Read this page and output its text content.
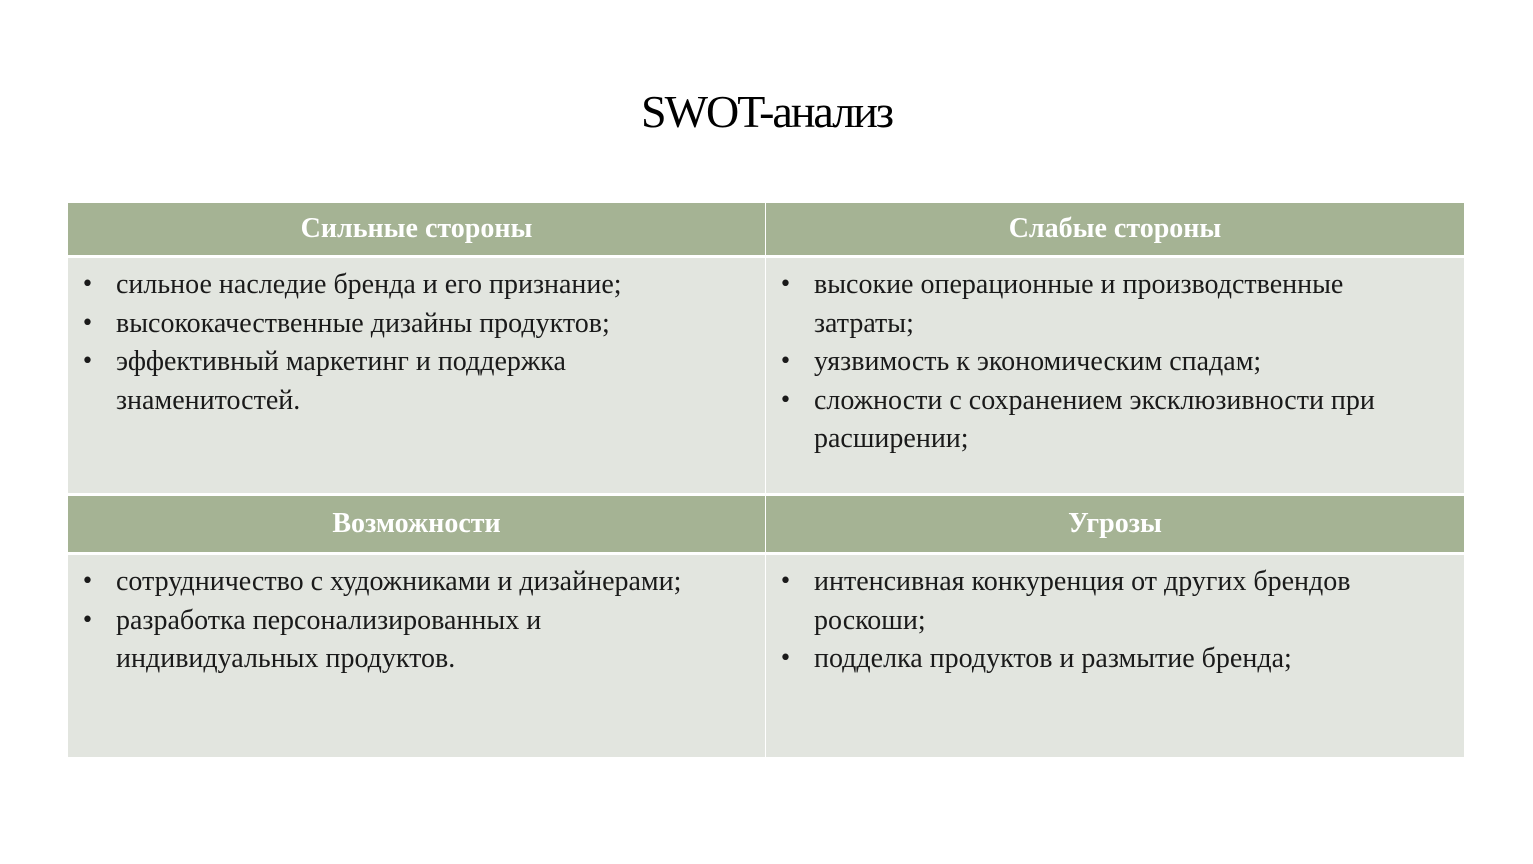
SWOT-анализ
Сильные стороны	Слабые стороны
• сильное наследие бренда и его признание;
• высококачественные дизайны продуктов;
• эффективный маркетинг и поддержка знаменитостей.
• высокие операционные и производственные затраты;
• уязвимость к экономическим спадам;
• сложности с сохранением эксклюзивности при расширении;
Возможности	Угрозы
• сотрудничество с художниками и дизайнерами;
• разработка персонализированных и индивидуальных продуктов.
• интенсивная конкуренция от других брендов роскоши;
• подделка продуктов и размытие бренда;
